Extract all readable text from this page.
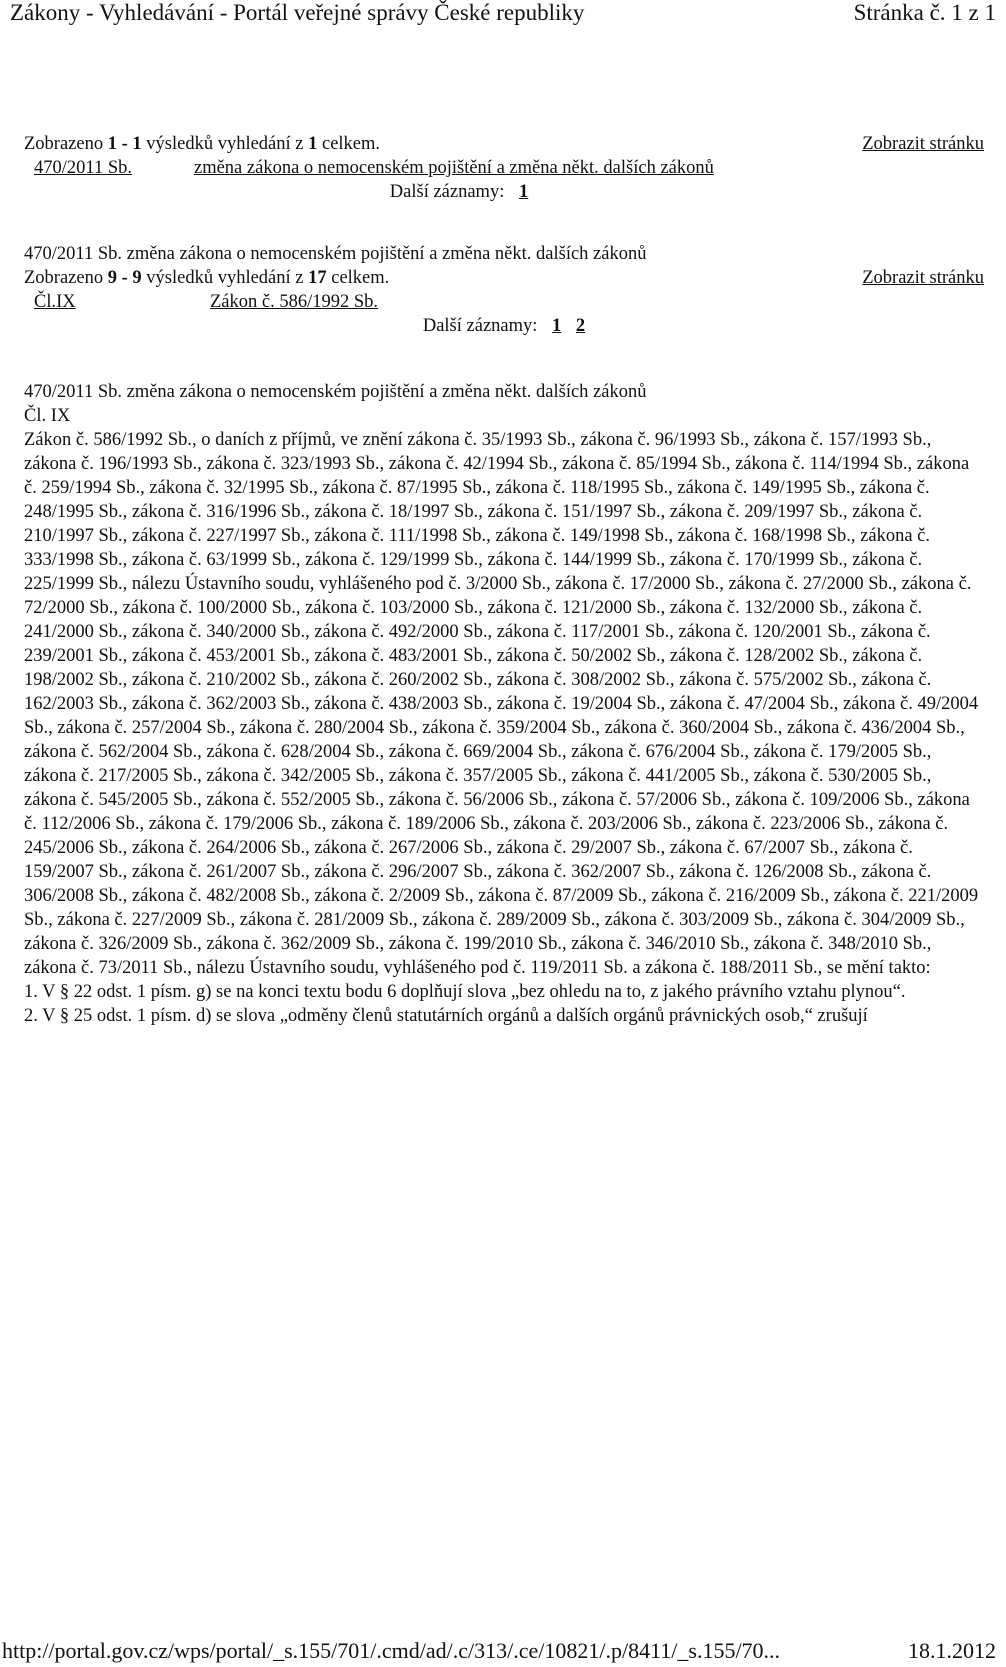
Zákony - Vyhledávání - Portál veřejné správy České republiky	Stránka č. 1 z 1
Zobrazeno 1 - 1 výsledků vyhledání z 1 celkem.	Zobrazit stránku
470/2011 Sb.	změna zákona o nemocenském pojištění a změna někt. dalších zákonů
Další záznamy: 1
470/2011 Sb. změna zákona o nemocenském pojištění a změna někt. dalších zákonů
Zobrazeno 9 - 9 výsledků vyhledání z 17 celkem.	Zobrazit stránku
Čl.IX	Zákon č. 586/1992 Sb.
Další záznamy: 1 2

470/2011 Sb. změna zákona o nemocenském pojištění a změna někt. dalších zákonů

Čl. IX

Zákon č. 586/1992 Sb., o daních z příjmů, ve znění zákona č. 35/1993 Sb., zákona č. 96/1993 Sb., zákona č. 157/1993 Sb., zákona č. 196/1993 Sb., zákona č. 323/1993 Sb., zákona č. 42/1994 Sb., zákona č. 85/1994 Sb., zákona č. 114/1994 Sb., zákona č. 259/1994 Sb., zákona č. 32/1995 Sb., zákona č. 87/1995 Sb., zákona č. 118/1995 Sb., zákona č. 149/1995 Sb., zákona č. 248/1995 Sb., zákona č. 316/1996 Sb., zákona č. 18/1997 Sb., zákona č. 151/1997 Sb., zákona č. 209/1997 Sb., zákona č. 210/1997 Sb., zákona č. 227/1997 Sb., zákona č. 111/1998 Sb., zákona č. 149/1998 Sb., zákona č. 168/1998 Sb., zákona č. 333/1998 Sb., zákona č. 63/1999 Sb., zákona č. 129/1999 Sb., zákona č. 144/1999 Sb., zákona č. 170/1999 Sb., zákona č. 225/1999 Sb., nálezu Ústavního soudu, vyhlášeného pod č. 3/2000 Sb., zákona č. 17/2000 Sb., zákona č. 27/2000 Sb., zákona č. 72/2000 Sb., zákona č. 100/2000 Sb., zákona č. 103/2000 Sb., zákona č. 121/2000 Sb., zákona č. 132/2000 Sb., zákona č. 241/2000 Sb., zákona č. 340/2000 Sb., zákona č. 492/2000 Sb., zákona č. 117/2001 Sb., zákona č. 120/2001 Sb., zákona č. 239/2001 Sb., zákona č. 453/2001 Sb., zákona č. 483/2001 Sb., zákona č. 50/2002 Sb., zákona č. 128/2002 Sb., zákona č. 198/2002 Sb., zákona č. 210/2002 Sb., zákona č. 260/2002 Sb., zákona č. 308/2002 Sb., zákona č. 575/2002 Sb., zákona č. 162/2003 Sb., zákona č. 362/2003 Sb., zákona č. 438/2003 Sb., zákona č. 19/2004 Sb., zákona č. 47/2004 Sb., zákona č. 49/2004 Sb., zákona č. 257/2004 Sb., zákona č. 280/2004 Sb., zákona č. 359/2004 Sb., zákona č. 360/2004 Sb., zákona č. 436/2004 Sb., zákona č. 562/2004 Sb., zákona č. 628/2004 Sb., zákona č. 669/2004 Sb., zákona č. 676/2004 Sb., zákona č. 179/2005 Sb., zákona č. 217/2005 Sb., zákona č. 342/2005 Sb., zákona č. 357/2005 Sb., zákona č. 441/2005 Sb., zákona č. 530/2005 Sb., zákona č. 545/2005 Sb., zákona č. 552/2005 Sb., zákona č. 56/2006 Sb., zákona č. 57/2006 Sb., zákona č. 109/2006 Sb., zákona č. 112/2006 Sb., zákona č. 179/2006 Sb., zákona č. 189/2006 Sb., zákona č. 203/2006 Sb., zákona č. 223/2006 Sb., zákona č. 245/2006 Sb., zákona č. 264/2006 Sb., zákona č. 267/2006 Sb., zákona č. 29/2007 Sb., zákona č. 67/2007 Sb., zákona č. 159/2007 Sb., zákona č. 261/2007 Sb., zákona č. 296/2007 Sb., zákona č. 362/2007 Sb., zákona č. 126/2008 Sb., zákona č. 306/2008 Sb., zákona č. 482/2008 Sb., zákona č. 2/2009 Sb., zákona č. 87/2009 Sb., zákona č. 216/2009 Sb., zákona č. 221/2009 Sb., zákona č. 227/2009 Sb., zákona č. 281/2009 Sb., zákona č. 289/2009 Sb., zákona č. 303/2009 Sb., zákona č. 304/2009 Sb., zákona č. 326/2009 Sb., zákona č. 362/2009 Sb., zákona č. 199/2010 Sb., zákona č. 346/2010 Sb., zákona č. 348/2010 Sb., zákona č. 73/2011 Sb., nálezu Ústavního soudu, vyhlášeného pod č. 119/2011 Sb. a zákona č. 188/2011 Sb., se mění takto:

1. V § 22 odst. 1 písm. g) se na konci textu bodu 6 doplňují slova „bez ohledu na to, z jakého právního vztahu plynou“.

2. V § 25 odst. 1 písm. d) se slova „odměny členů statutárních orgánů a dalších orgánů právnických osob,“ zrušují

http://portal.gov.cz/wps/portal/_s.155/701/.cmd/ad/.c/313/.ce/10821/.p/8411/_s.155/70...	18.1.2012
